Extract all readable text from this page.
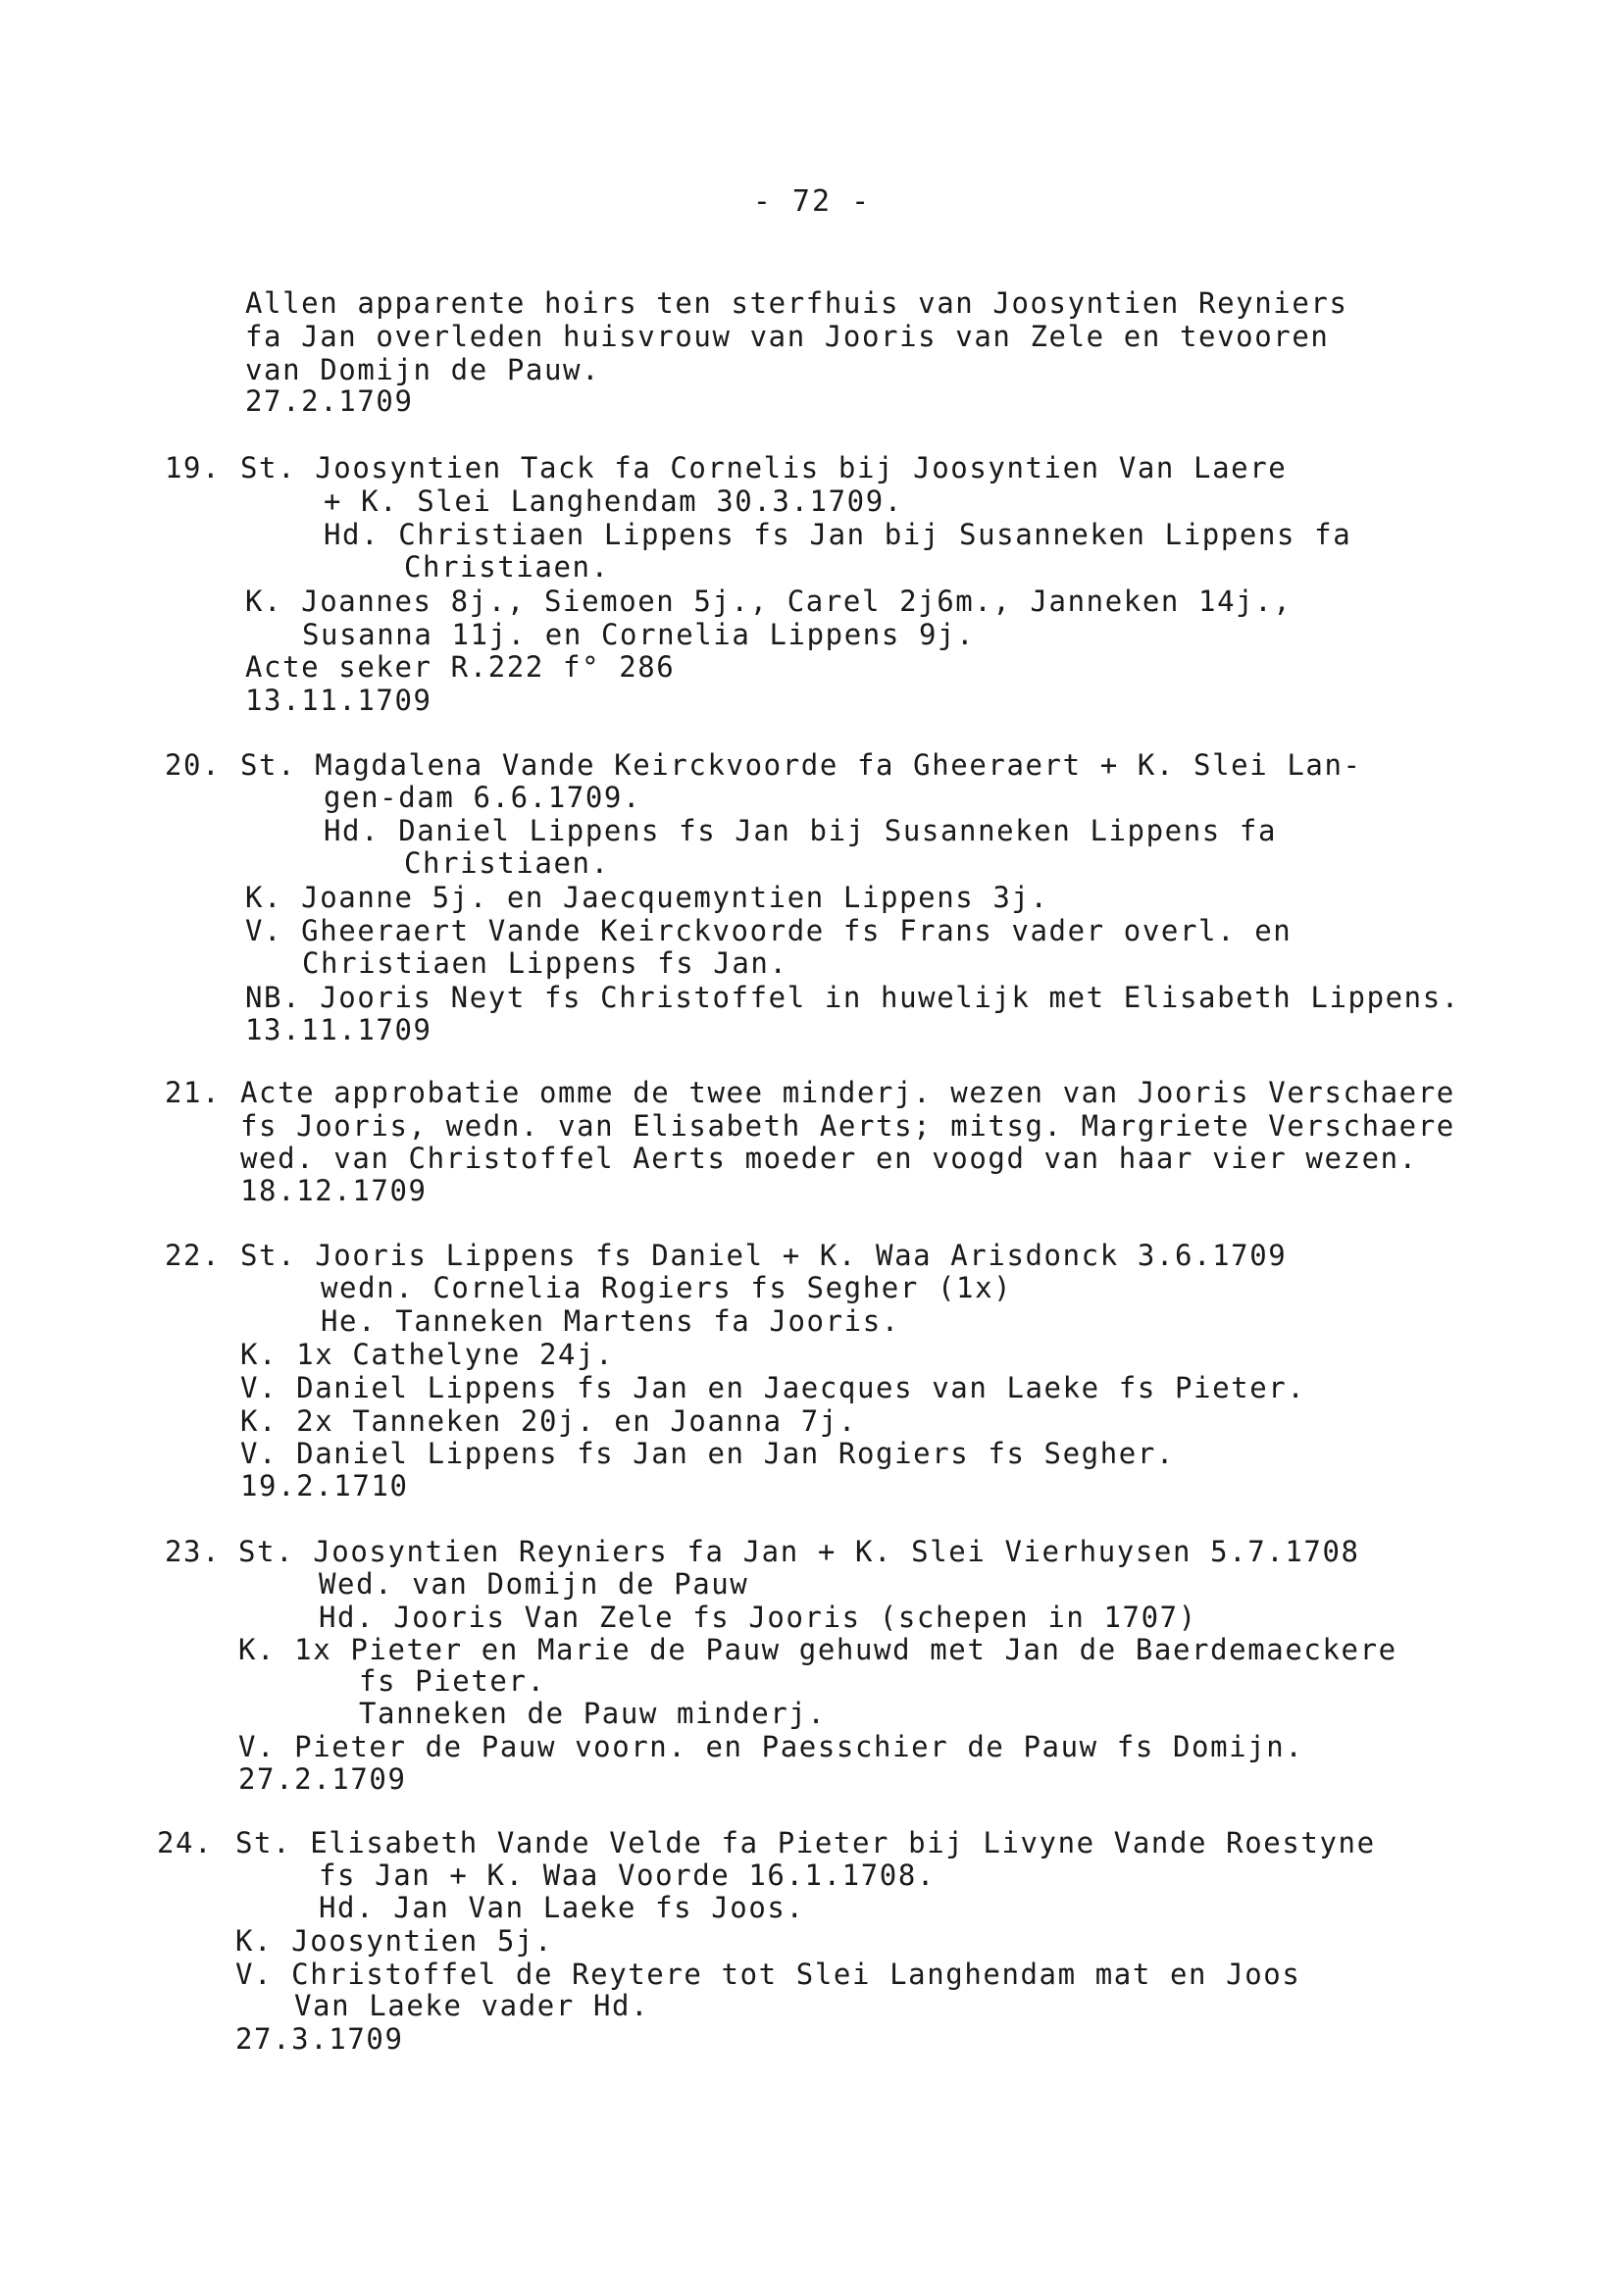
- 72 -
Allen apparente hoirs ten sterfhuis van Joosyntien Reyniers
fa Jan overleden huisvrouw van Jooris van Zele en tevooren
van Domijn de Pauw.
27.2.1709
19. St. Joosyntien Tack fa Cornelis bij Joosyntien Van Laere
+ K. Slei Langhendam 30.3.1709.
Hd. Christiaen Lippens fs Jan bij Susanneken Lippens fa
Christiaen.
K. Joannes 8j., Siemoen 5j., Carel 2j6m., Janneken 14j.,
Susanna 11j. en Cornelia Lippens 9j.
Acte seker R.222 f° 286
13.11.1709
20. St. Magdalena Vande Keirckvoorde fa Gheeraert + K. Slei Lan-
gen-dam 6.6.1709.
Hd. Daniel Lippens fs Jan bij Susanneken Lippens fa
Christiaen.
K. Joanne 5j. en Jaecquemyntien Lippens 3j.
V. Gheeraert Vande Keirckvoorde fs Frans vader overl. en
Christiaen Lippens fs Jan.
NB. Jooris Neyt fs Christoffel in huwelijk met Elisabeth Lippens.
13.11.1709
21. Acte approbatie omme de twee minderj. wezen van Jooris Verschaere
fs Jooris, wedn. van Elisabeth Aerts; mitsg. Margriete Verschaere
wed. van Christoffel Aerts moeder en voogd van haar vier wezen.
18.12.1709
22. St. Jooris Lippens fs Daniel + K. Waa Arisdonck 3.6.1709
wedn. Cornelia Rogiers fs Segher (1x)
He. Tanneken Martens fa Jooris.
K. 1x Cathelyne 24j.
V. Daniel Lippens fs Jan en Jaecques van Laeke fs Pieter.
K. 2x Tanneken 20j. en Joanna 7j.
V. Daniel Lippens fs Jan en Jan Rogiers fs Segher.
19.2.1710
23. St. Joosyntien Reyniers fa Jan + K. Slei Vierhuysen 5.7.1708
Wed. van Domijn de Pauw
Hd. Jooris Van Zele fs Jooris (schepen in 1707)
K. 1x Pieter en Marie de Pauw gehuwd met Jan de Baerdemaeckere
fs Pieter.
Tanneken de Pauw minderj.
V. Pieter de Pauw voorn. en Paesschier de Pauw fs Domijn.
27.2.1709
24. St. Elisabeth Vande Velde fa Pieter bij Livyne Vande Roestyne
fs Jan + K. Waa Voorde 16.1.1708.
Hd. Jan Van Laeke fs Joos.
K. Joosyntien 5j.
V. Christoffel de Reytere tot Slei Langhendam mat en Joos
Van Laeke vader Hd.
27.3.1709
